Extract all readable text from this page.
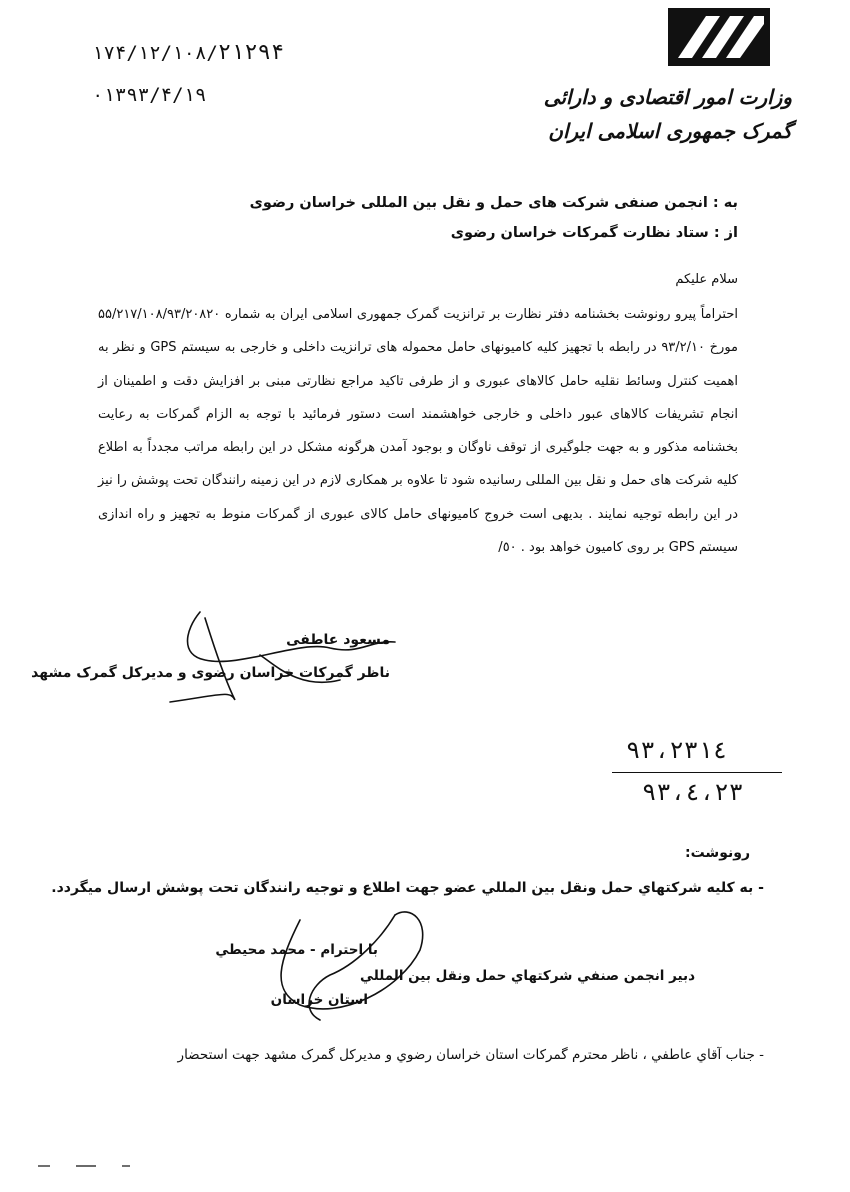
وزارت امور اقتصادی و دارائی
گمرک جمهوری اسلامی ایران
۱۷۴/۱۲/۱۰۸/۲۱۲۹۴
۰۱۳۹۳/۴/۱۹
به : انجمن صنفی شرکت های حمل و نقل بین المللی خراسان رضوی
از : ستاد نظارت گمرکات خراسان رضوی
سلام علیکم

احتراماً پیرو رونوشت بخشنامه دفتر نظارت بر ترانزیت گمرک جمهوری اسلامی ایران به شماره ۵۵/۲۱۷/۱۰۸/۹۳/۲۰۸۲۰ مورخ ۹۳/۲/۱۰ در رابطه با تجهیز کلیه کامیونهای حامل محموله های ترانزیت داخلی و خارجی به سیستم GPS و نظر به اهمیت کنترل وسائط نقلیه حامل کالاهای عبوری و از طرفی تاکید مراجع نظارتی مبنی بر افزایش دقت و اطمینان از انجام تشریفات کالاهای عبور داخلی و خارجی خواهشمند است دستور فرمائید با توجه به الزام گمرکات به رعایت بخشنامه مذکور و به جهت جلوگیری از توقف ناوگان و بوجود آمدن هرگونه مشکل در این رابطه مراتب مجدداً به اطلاع کلیه شرکت های حمل و نقل بین المللی رسانیده شود تا علاوه بر همکاری لازم در این زمینه رانندگان تحت پوشش را نیز در این رابطه توجیه نمایند . بدیهی است خروج کامیونهای حامل کالای عبوری از گمرکات منوط به تجهیز و راه اندازی سیستم GPS بر روی کامیون خواهد بود . ٥٠/

مسعود عاطفی
ناظر گمرکات خراسان رضوی و مدیرکل گمرک مشهد
۹۳،۲۳۱٤
۹۳،٤،۲۳
رونوشت:
- به کلیه شرکتهاي حمل ونقل بین المللي عضو جهت اطلاع و توجیه رانندگان تحت پوشش ارسال میگردد.
با احترام - محمد محیطي
دبیر انجمن صنفي شرکتهاي حمل ونقل بین المللي
استان خراسان
- جناب آقاي عاطفي ، ناظر محترم گمرکات استان خراسان رضوي و مدیرکل گمرک مشهد جهت استحضار
